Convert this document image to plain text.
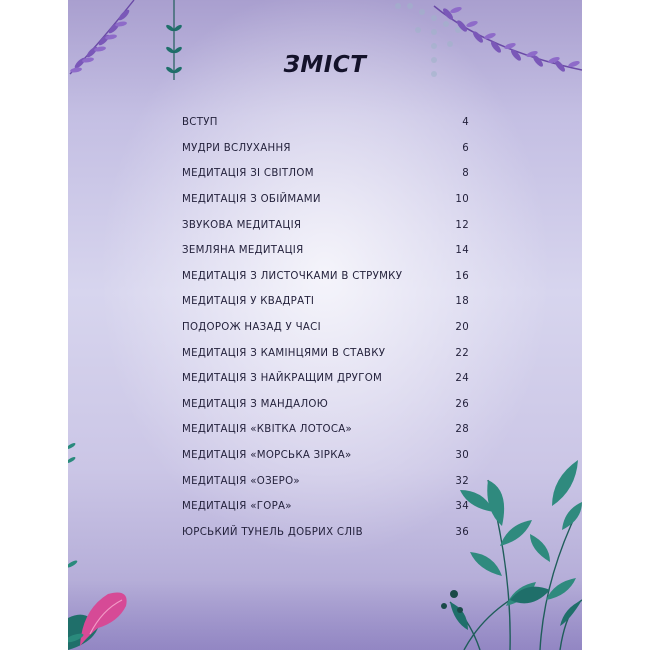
ЗМІСТ
ВСТУП	4
МУДРИ ВСЛУХАННЯ	6
МЕДИТАЦІЯ ЗІ СВІТЛОМ	8
МЕДИТАЦІЯ З ОБІЙМАМИ	10
ЗВУКОВА МЕДИТАЦІЯ	12
ЗЕМЛЯНА МЕДИТАЦІЯ	14
МЕДИТАЦІЯ З ЛИСТОЧКАМИ В СТРУМКУ	16
МЕДИТАЦІЯ У КВАДРАТІ	18
ПОДОРОЖ НАЗАД У ЧАСІ	20
МЕДИТАЦІЯ З КАМІНЦЯМИ В СТАВКУ	22
МЕДИТАЦІЯ З НАЙКРАЩИМ ДРУГОМ	24
МЕДИТАЦІЯ З МАНДАЛОЮ	26
МЕДИТАЦІЯ «КВІТКА ЛОТОСА»	28
МЕДИТАЦІЯ «МОРСЬКА ЗІРКА»	30
МЕДИТАЦІЯ «ОЗЕРО»	32
МЕДИТАЦІЯ «ГОРА»	34
ЮРСЬКИЙ ТУНЕЛЬ ДОБРИХ СЛІВ	36
